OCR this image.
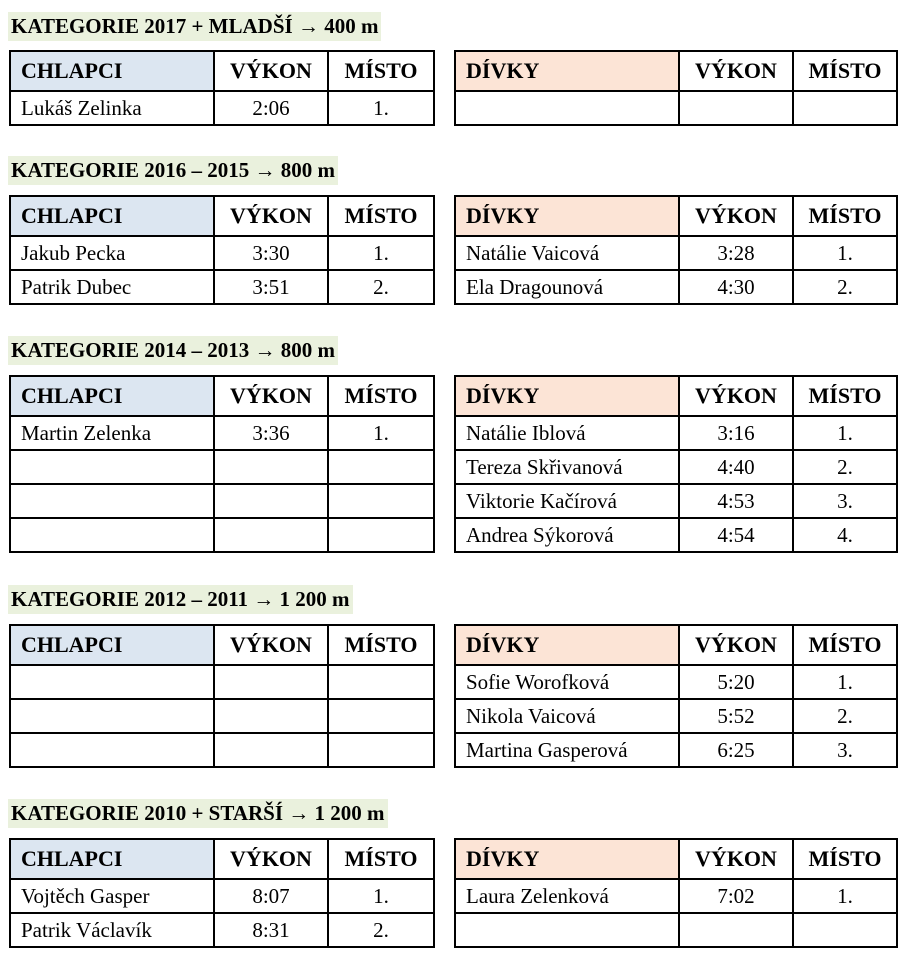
KATEGORIE 2017 + MLADŠÍ → 400 m
CHLAPCI	VÝKON	MÍSTO
Lukáš Zelinka	2:06	1.
DÍVKY	VÝKON	MÍSTO

KATEGORIE 2016 – 2015 → 800 m
CHLAPCI	VÝKON	MÍSTO
Jakub Pecka	3:30	1.
Patrik Dubec	3:51	2.
DÍVKY	VÝKON	MÍSTO
Natálie Vaicová	3:28	1.
Ela Dragounová	4:30	2.
KATEGORIE 2014 – 2013 → 800 m
CHLAPCI	VÝKON	MÍSTO
Martin Zelenka	3:36	1.

DÍVKY	VÝKON	MÍSTO
Natálie Iblová	3:16	1.
Tereza Skřivanová	4:40	2.
Viktorie Kačírová	4:53	3.
Andrea Sýkorová	4:54	4.
KATEGORIE 2012 – 2011 → 1 200 m
CHLAPCI	VÝKON	MÍSTO

		DÍVKY	VÝKON	MÍSTO
Sofie Worofková	5:20	1.
Nikola Vaicová	5:52	2.
Martina Gasperová	6:25	3.
KATEGORIE 2010 + STARŠÍ → 1 200 m
CHLAPCI	VÝKON	MÍSTO
Vojtěch Gasper	8:07	1.
Patrik Václavík	8:31	2.
DÍVKY	VÝKON	MÍSTO
Laura Zelenková	7:02	1.
